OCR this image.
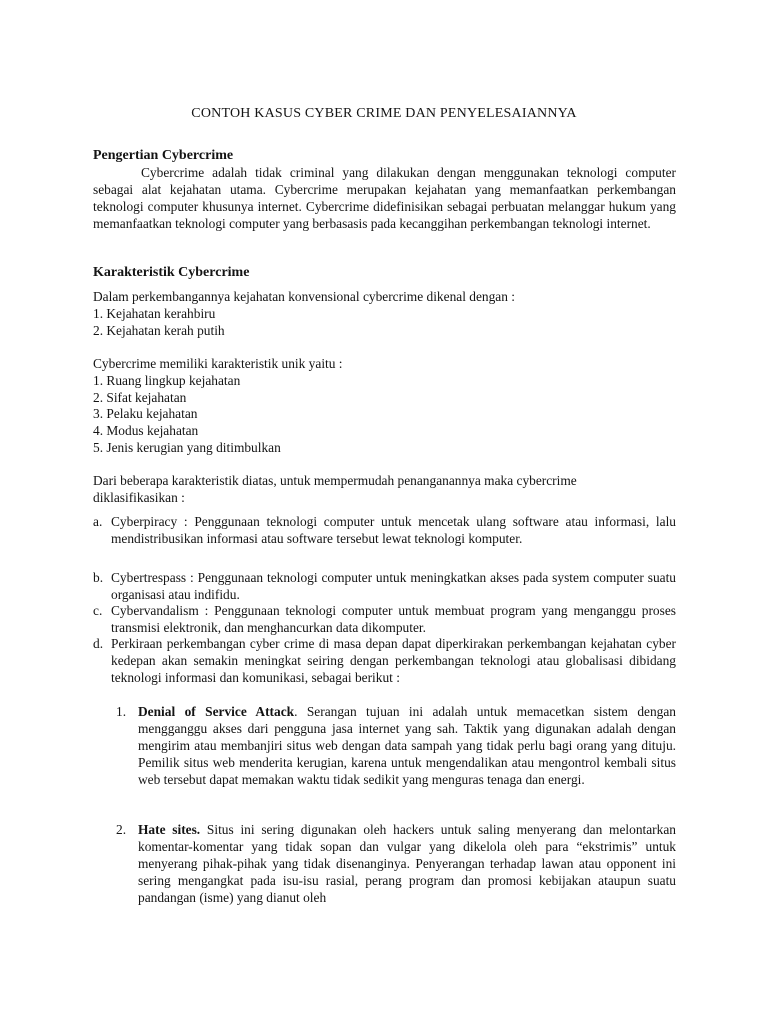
CONTOH KASUS CYBER CRIME DAN PENYELESAIANNYA
Pengertian Cybercrime
Cybercrime adalah tidak criminal yang dilakukan dengan menggunakan teknologi computer sebagai alat kejahatan utama. Cybercrime merupakan kejahatan yang memanfaatkan perkembangan teknologi computer khusunya internet. Cybercrime didefinisikan sebagai perbuatan melanggar hukum yang memanfaatkan teknologi computer yang berbasasis pada kecanggihan perkembangan teknologi internet.
Karakteristik Cybercrime
Dalam perkembangannya kejahatan konvensional cybercrime dikenal dengan :
1. Kejahatan kerahbiru
2. Kejahatan kerah putih
Cybercrime memiliki karakteristik unik yaitu :
1. Ruang lingkup kejahatan
2. Sifat kejahatan
3. Pelaku kejahatan
4. Modus kejahatan
5. Jenis kerugian yang ditimbulkan
Dari beberapa karakteristik diatas, untuk mempermudah penanganannya maka cybercrime diklasifikasikan :
a. Cyberpiracy : Penggunaan teknologi computer untuk mencetak ulang software atau informasi, lalu mendistribusikan informasi atau software tersebut lewat teknologi komputer.
b. Cybertrespass : Penggunaan teknologi computer untuk meningkatkan akses pada system computer suatu organisasi atau indifidu.
c. Cybervandalism : Penggunaan teknologi computer untuk membuat program yang menganggu proses transmisi elektronik, dan menghancurkan data dikomputer.
d. Perkiraan perkembangan cyber crime di masa depan dapat diperkirakan perkembangan kejahatan cyber kedepan akan semakin meningkat seiring dengan perkembangan teknologi atau globalisasi dibidang teknologi informasi dan komunikasi, sebagai berikut :
1. Denial of Service Attack. Serangan tujuan ini adalah untuk memacetkan sistem dengan mengganggu akses dari pengguna jasa internet yang sah. Taktik yang digunakan adalah dengan mengirim atau membanjiri situs web dengan data sampah yang tidak perlu bagi orang yang dituju. Pemilik situs web menderita kerugian, karena untuk mengendalikan atau mengontrol kembali situs web tersebut dapat memakan waktu tidak sedikit yang menguras tenaga dan energi.
2. Hate sites. Situs ini sering digunakan oleh hackers untuk saling menyerang dan melontarkan komentar-komentar yang tidak sopan dan vulgar yang dikelola oleh para “ekstrimis” untuk menyerang pihak-pihak yang tidak disenanginya. Penyerangan terhadap lawan atau opponent ini sering mengangkat pada isu-isu rasial, perang program dan promosi kebijakan ataupun suatu pandangan (isme) yang dianut oleh
